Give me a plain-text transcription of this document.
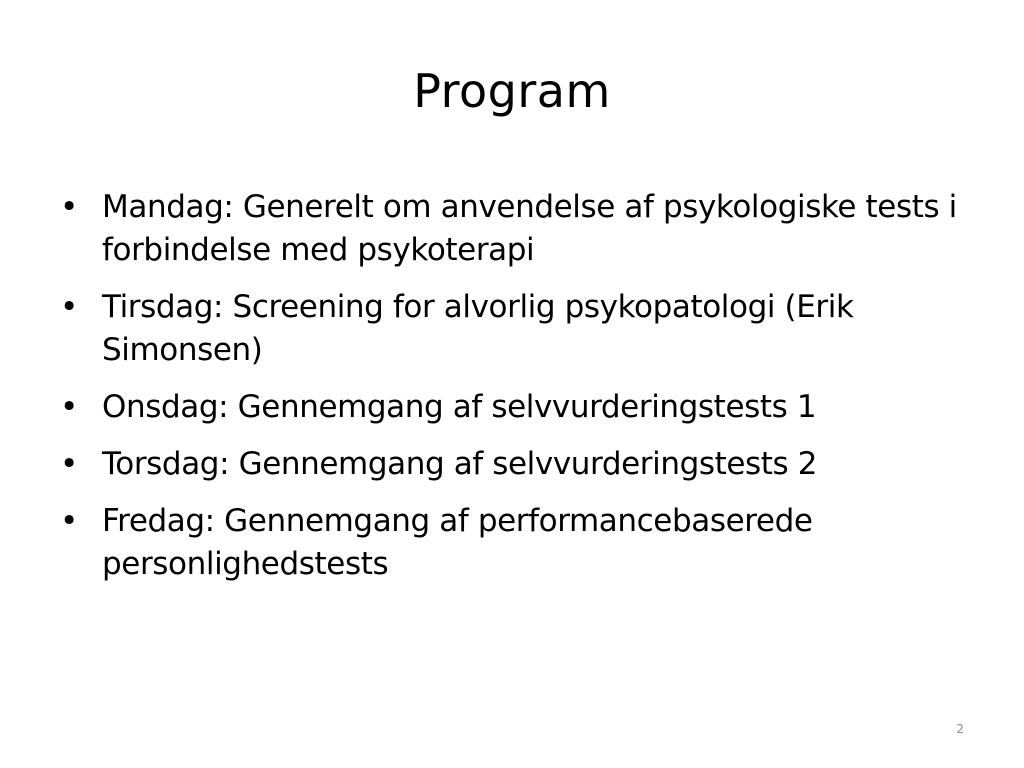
Program
• Mandag: Generelt om anvendelse af psykologiske tests i forbindelse med psykoterapi
• Tirsdag: Screening for alvorlig psykopatologi (Erik Simonsen)
• Onsdag: Gennemgang af selvvurderingstests 1
• Torsdag: Gennemgang af selvvurderingstests 2
• Fredag: Gennemgang af performancebaserede personlighedstests
2
